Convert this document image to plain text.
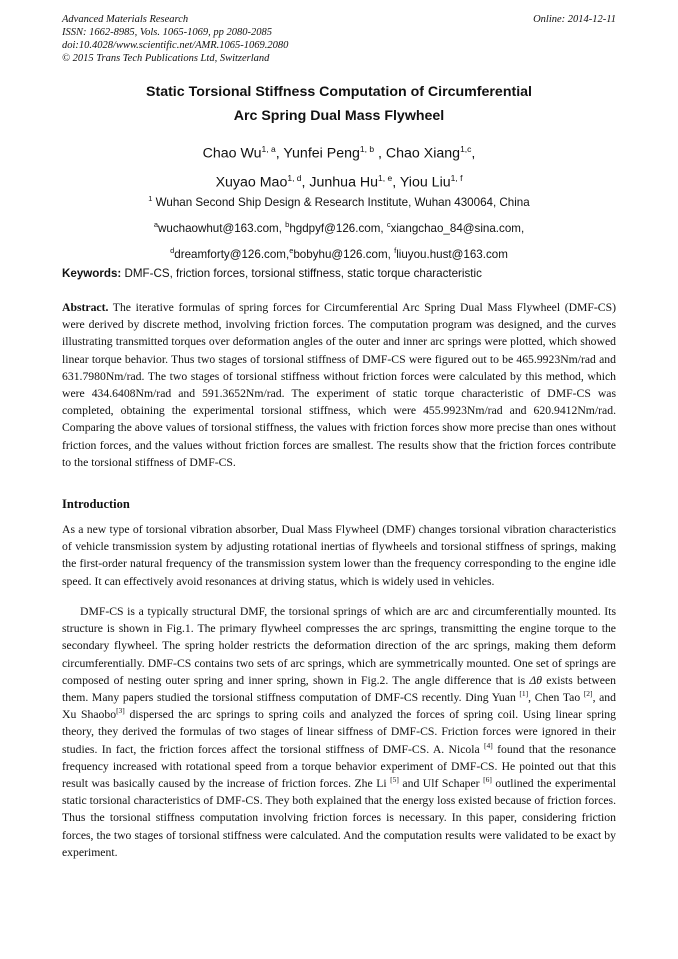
Advanced Materials Research
ISSN: 1662-8985, Vols. 1065-1069, pp 2080-2085
doi:10.4028/www.scientific.net/AMR.1065-1069.2080
© 2015 Trans Tech Publications Ltd, Switzerland
Online: 2014-12-11
Static Torsional Stiffness Computation of Circumferential
Arc Spring Dual Mass Flywheel
Chao Wu$^{1, a}$, Yunfei Peng$^{1, b}$ , Chao Xiang$^{1,c}$,
Xuyao Mao$^{1, d}$, Junhua Hu$^{1, e}$, Yiou Liu$^{1, f}$
$^1$ Wuhan Second Ship Design & Research Institute, Wuhan 430064, China
$^a$wuchaowhut@163.com, $^b$hgdpyf@126.com, $^c$xiangchao_84@sina.com,
$^d$dreamforty@126.com,$^e$bobyhu@126.com, $^f$liuyou.hust@163.com
Keywords: DMF-CS, friction forces, torsional stiffness, static torque characteristic
Abstract. The iterative formulas of spring forces for Circumferential Arc Spring Dual Mass Flywheel (DMF-CS) were derived by discrete method, involving friction forces. The computation program was designed, and the curves illustrating transmitted torques over deformation angles of the outer and inner arc springs were plotted, which showed linear torque behavior. Thus two stages of torsional stiffness of DMF-CS were figured out to be 465.9923Nm/rad and 631.7980Nm/rad. The two stages of torsional stiffness without friction forces were calculated by this method, which were 434.6408Nm/rad and 591.3652Nm/rad. The experiment of static torque characteristic of DMF-CS was completed, obtaining the experimental torsional stiffness, which were 455.9923Nm/rad and 620.9412Nm/rad. Comparing the above values of torsional stiffness, the values with friction forces show more precise than ones without friction forces, and the values without friction forces are smallest. The results show that the friction forces contribute to the torsional stiffness of DMF-CS.
Introduction
As a new type of torsional vibration absorber, Dual Mass Flywheel (DMF) changes torsional vibration characteristics of vehicle transmission system by adjusting rotational inertias of flywheels and torsional stiffness of springs, making the first-order natural frequency of the transmission system lower than the frequency corresponding to the engine idle speed. It can effectively avoid resonances at driving status, which is widely used in vehicles.
DMF-CS is a typically structural DMF, the torsional springs of which are arc and circumferentially mounted. Its structure is shown in Fig.1. The primary flywheel compresses the arc springs, transmitting the engine torque to the secondary flywheel. The spring holder restricts the deformation direction of the arc springs, making them deform circumferentially. DMF-CS contains two sets of arc springs, which are symmetrically mounted. One set of springs are composed of nesting outer spring and inner spring, shown in Fig.2. The angle difference that is Δθ exists between them. Many papers studied the torsional stiffness computation of DMF-CS recently. Ding Yuan [1], Chen Tao [2], and Xu Shaobo[3] dispersed the arc springs to spring coils and analyzed the forces of spring coil. Using linear spring theory, they derived the formulas of two stages of linear siffness of DMF-CS. Friction forces were ignored in their studies. In fact, the friction forces affect the torsional stiffness of DMF-CS. A. Nicola [4] found that the resonance frequency increased with rotational speed from a torque behavior experiment of DMF-CS. He pointed out that this result was basically caused by the increase of friction forces. Zhe Li [5] and Ulf Schaper [6] outlined the experimental static torsional characteristics of DMF-CS. They both explained that the energy loss existed because of friction forces. Thus the torsional stiffness computation involving friction forces is necessary. In this paper, considering friction forces, the two stages of torsional stiffness were calculated. And the computation results were validated to be exact by experiment.
